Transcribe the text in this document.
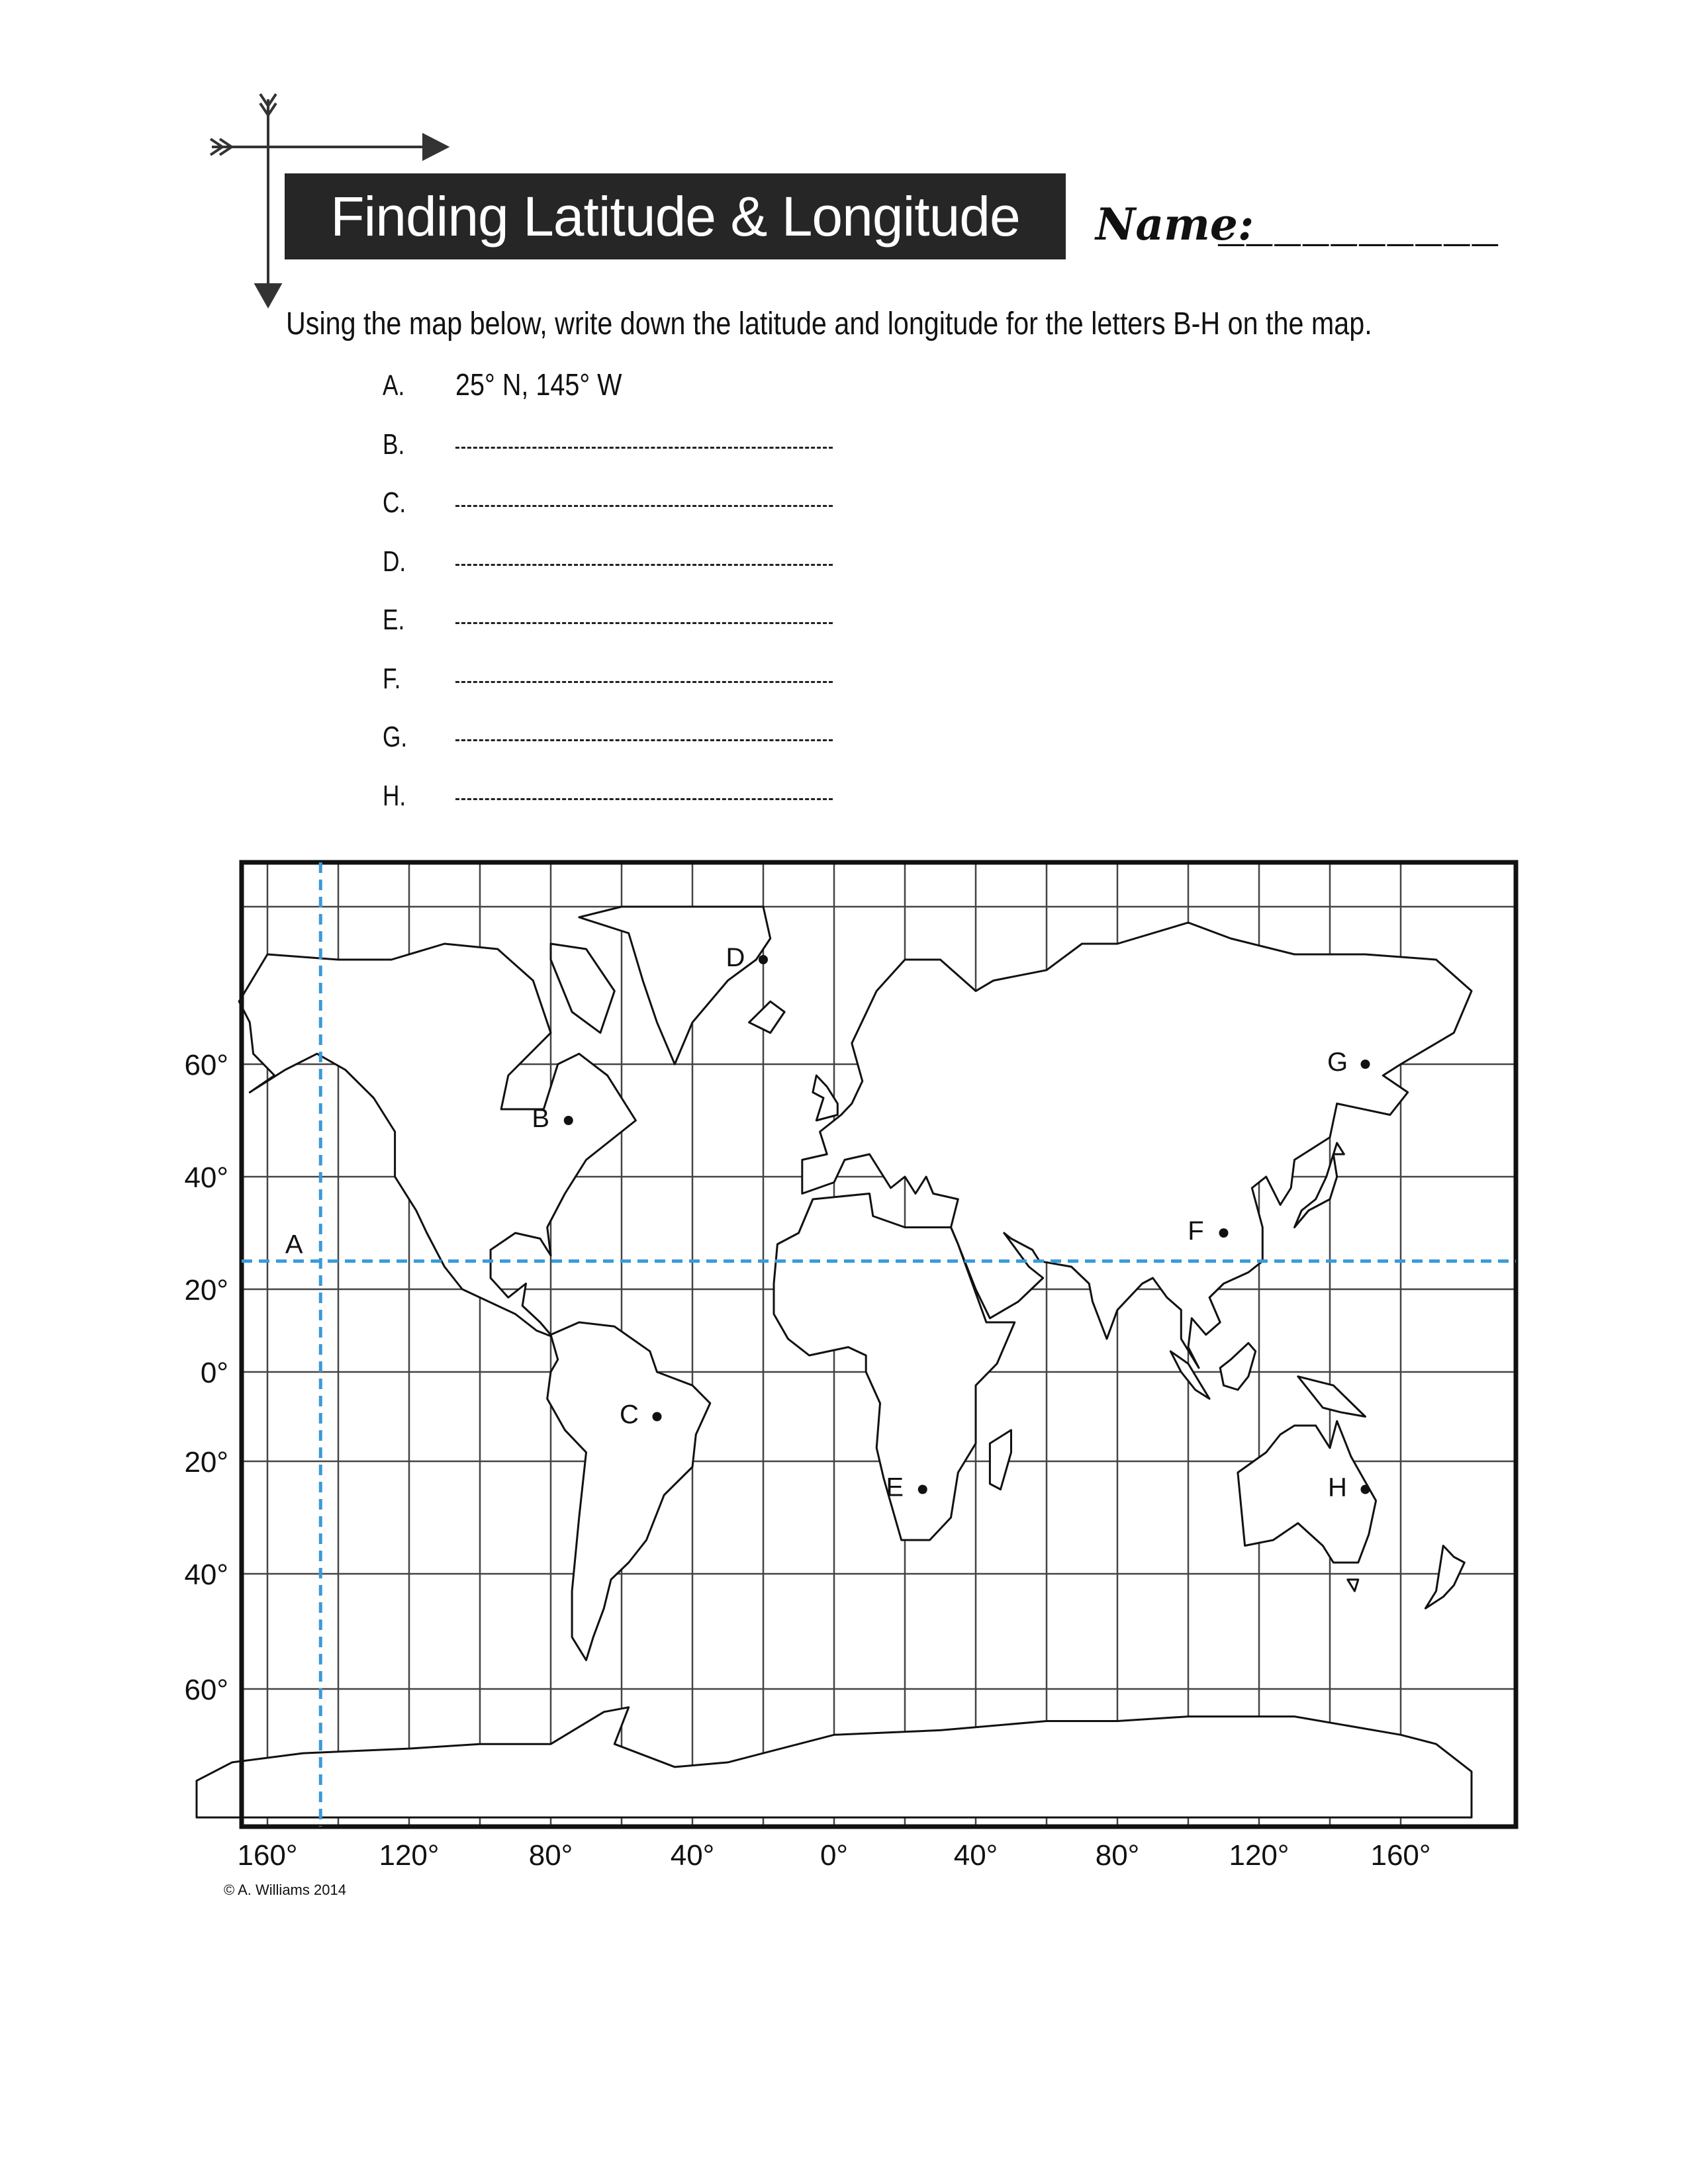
Finding Latitude & Longitude Name:
__________
Using the map below, write down the latitude and longitude for the letters B-H on the map.
A. 25° N, 145° W
B.
C.
D.
E.
F.
G.
H.
A
B
C
D
E
F
G
H
60°
40°
20°
0°
20°
40°
60°
160°	120°	80°	40°	0°	40°	80°	120°	160°
© A. Williams 2014
